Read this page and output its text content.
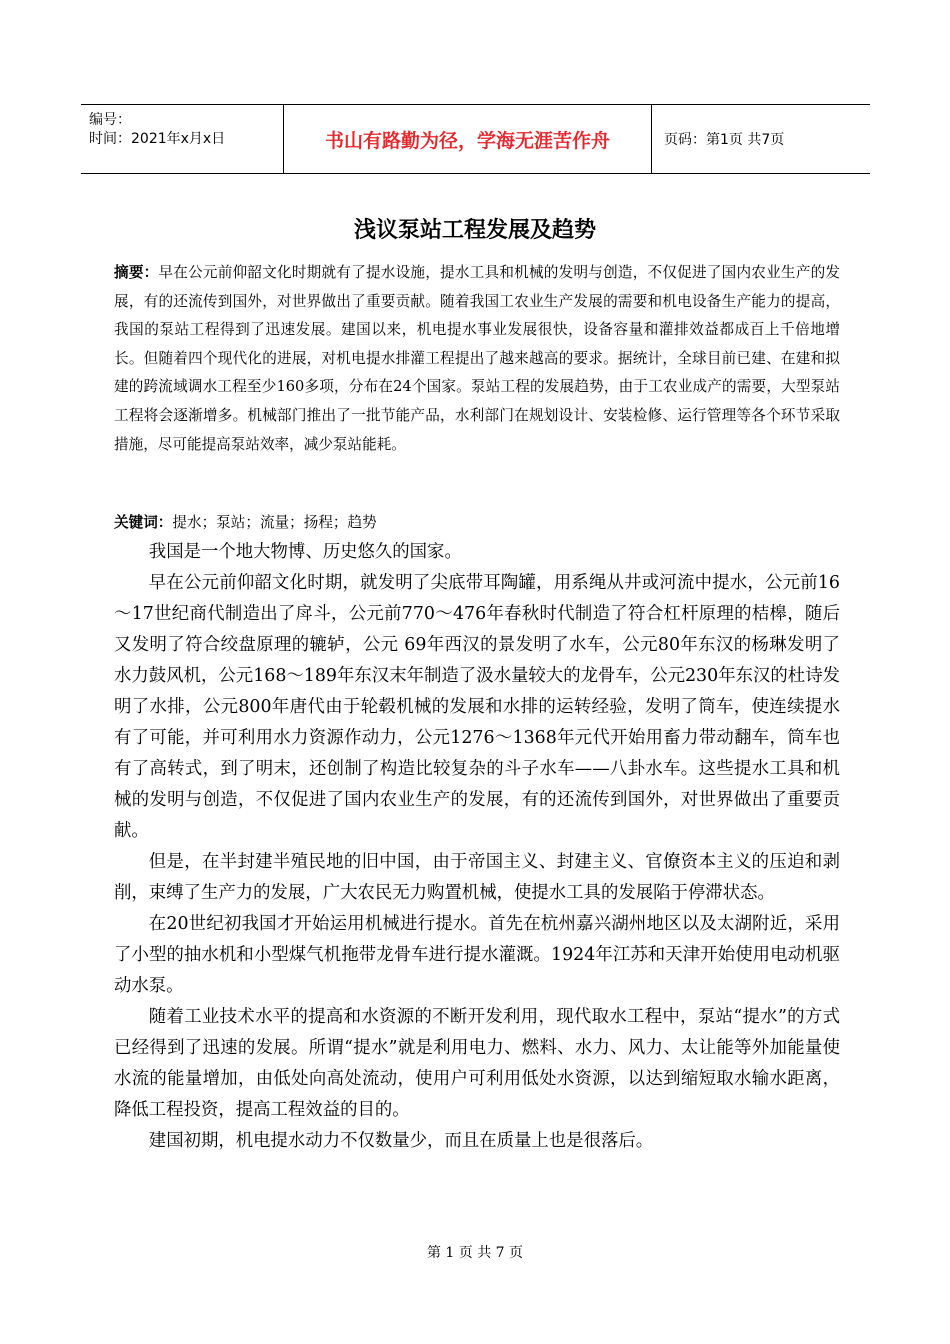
编号：
时间：2021年x月x日	书山有路勤为径，学海无涯苦作舟	页码：第1页 共7页
浅议泵站工程发展及趋势
摘要：早在公元前仰韶文化时期就有了提水设施，提水工具和机械的发明与创造，不仅促进了国内农业生产的发展，有的还流传到国外，对世界做出了重要贡献。随着我国工农业生产发展的需要和机电设备生产能力的提高，我国的泵站工程得到了迅速发展。建国以来，机电提水事业发展很快，设备容量和灌排效益都成百上千倍地增长。但随着四个现代化的进展，对机电提水排灌工程提出了越来越高的要求。据统计，全球目前已建、在建和拟建的跨流域调水工程至少160多项，分布在24个国家。泵站工程的发展趋势，由于工农业成产的需要，大型泵站工程将会逐渐增多。机械部门推出了一批节能产品，水利部门在规划设计、安装检修、运行管理等各个环节采取措施，尽可能提高泵站效率，减少泵站能耗。
关键词：提水；泵站；流量；扬程；趋势

我国是一个地大物博、历史悠久的国家。

早在公元前仰韶文化时期，就发明了尖底带耳陶罐，用系绳从井或河流中提水，公元前16～17世纪商代制造出了戽斗，公元前770～476年春秋时代制造了符合杠杆原理的桔槔，随后又发明了符合绞盘原理的辘轳，公元 69年西汉的景发明了水车，公元80年东汉的杨琳发明了水力鼓风机，公元168～189年东汉末年制造了汲水量较大的龙骨车，公元230年东汉的杜诗发明了水排，公元800年唐代由于轮毂机械的发展和水排的运转经验，发明了筒车，使连续提水有了可能，并可利用水力资源作动力，公元1276～1368年元代开始用畜力带动翻车，筒车也有了高转式，到了明末，还创制了构造比较复杂的斗子水车——八卦水车。这些提水工具和机械的发明与创造，不仅促进了国内农业生产的发展，有的还流传到国外，对世界做出了重要贡献。

但是，在半封建半殖民地的旧中国，由于帝国主义、封建主义、官僚资本主义的压迫和剥削，束缚了生产力的发展，广大农民无力购置机械，使提水工具的发展陷于停滞状态。

在20世纪初我国才开始运用机械进行提水。首先在杭州嘉兴湖州地区以及太湖附近，采用了小型的抽水机和小型煤气机拖带龙骨车进行提水灌溉。1924年江苏和天津开始使用电动机驱动水泵。

随着工业技术水平的提高和水资源的不断开发利用，现代取水工程中，泵站“提水”的方式已经得到了迅速的发展。所谓“提水”就是利用电力、燃料、水力、风力、太让能等外加能量使水流的能量增加，由低处向高处流动，使用户可利用低处水资源，以达到缩短取水输水距离，降低工程投资，提高工程效益的目的。

建国初期，机电提水动力不仅数量少，而且在质量上也是很落后。

第 1 页 共 7 页
